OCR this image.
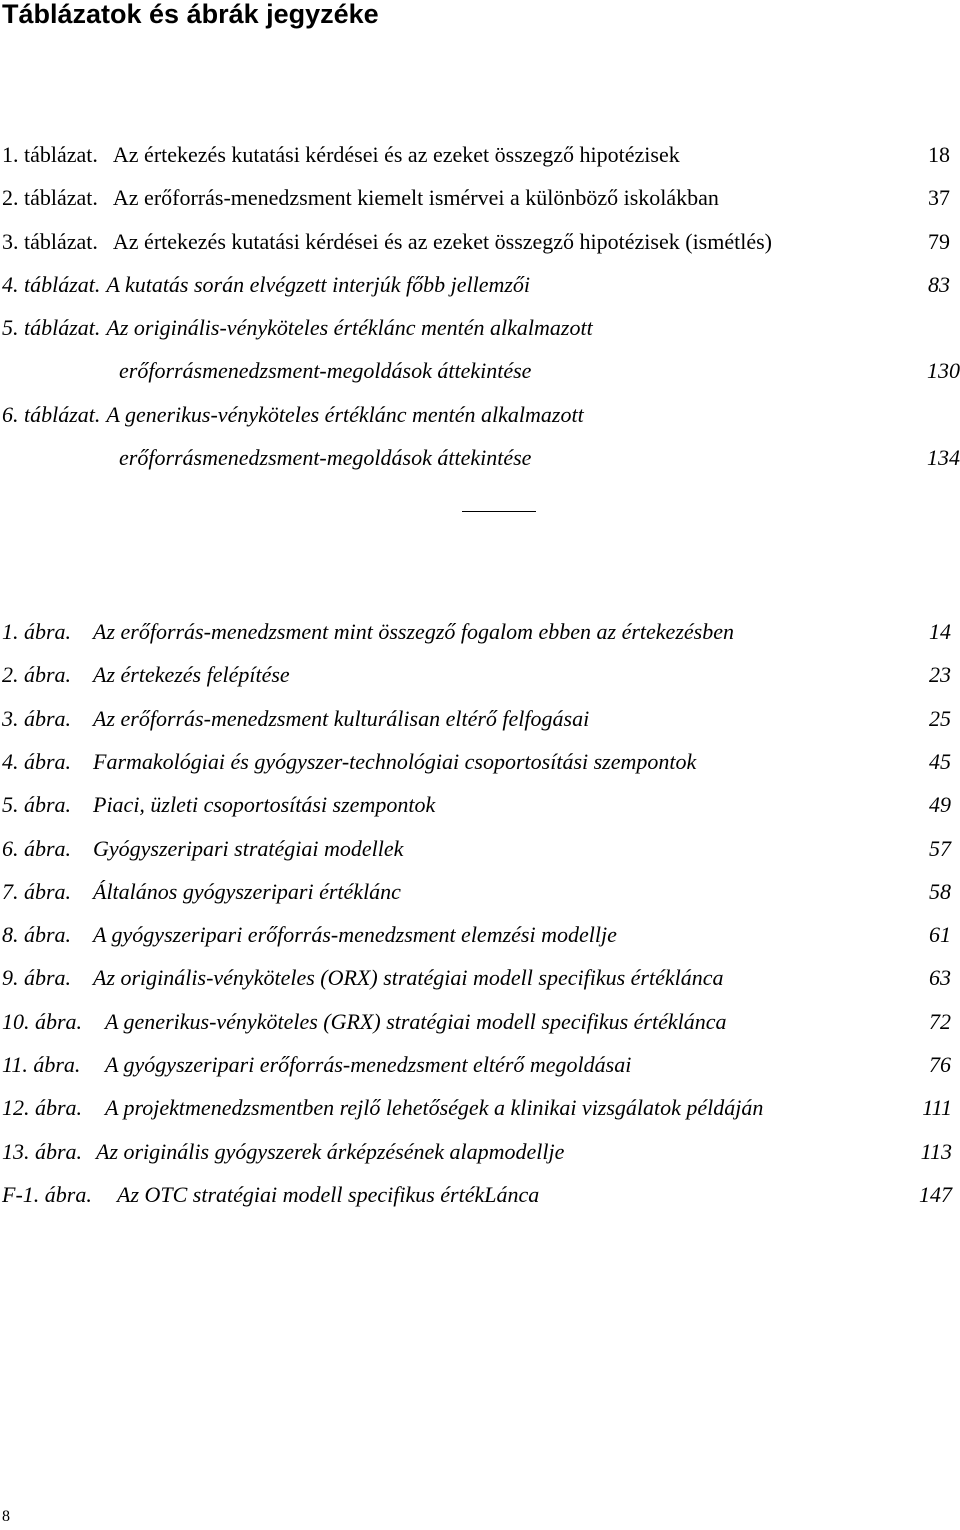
Táblázatok és ábrák jegyzéke
1. táblázat. Az értekezés kutatási kérdései és az ezeket összegző hipotézisek	18
2. táblázat. Az erőforrás-menedzsment kiemelt ismérvei a különböző iskolákban	37
3. táblázat. Az értekezés kutatási kérdései és az ezeket összegző hipotézisek (ismétlés)	79
4. táblázat. A kutatás során elvégzett interjúk főbb jellemzői	83
5. táblázat. Az originális-vényköteles értéklánc mentén alkalmazott
erőforrásmenedzsment-megoldások áttekintése	130
6. táblázat. A generikus-vényköteles értéklánc mentén alkalmazott
erőforrásmenedzsment-megoldások áttekintése	134
1. ábra. Az erőforrás-menedzsment mint összegző fogalom ebben az értekezésben	14
2. ábra. Az értekezés felépítése	23
3. ábra. Az erőforrás-menedzsment kulturálisan eltérő felfogásai	25
4. ábra. Farmakológiai és gyógyszer-technológiai csoportosítási szempontok	45
5. ábra. Piaci, üzleti csoportosítási szempontok	49
6. ábra. Gyógyszeripari stratégiai modellek	57
7. ábra. Általános gyógyszeripari értéklánc	58
8. ábra. A gyógyszeripari erőforrás-menedzsment elemzési modellje	61
9. ábra. Az originális-vényköteles (ORX) stratégiai modell specifikus értéklánca	63
10. ábra. A generikus-vényköteles (GRX) stratégiai modell specifikus értéklánca	72
11. ábra. A gyógyszeripari erőforrás-menedzsment eltérő megoldásai	76
12. ábra. A projektmenedzsmentben rejlő lehetőségek a klinikai vizsgálatok példáján	111
13. ábra. Az originális gyógyszerek árképzésének alapmodellje	113
F-1. ábra. Az OTC stratégiai modell specifikus értékLánca	147
8
